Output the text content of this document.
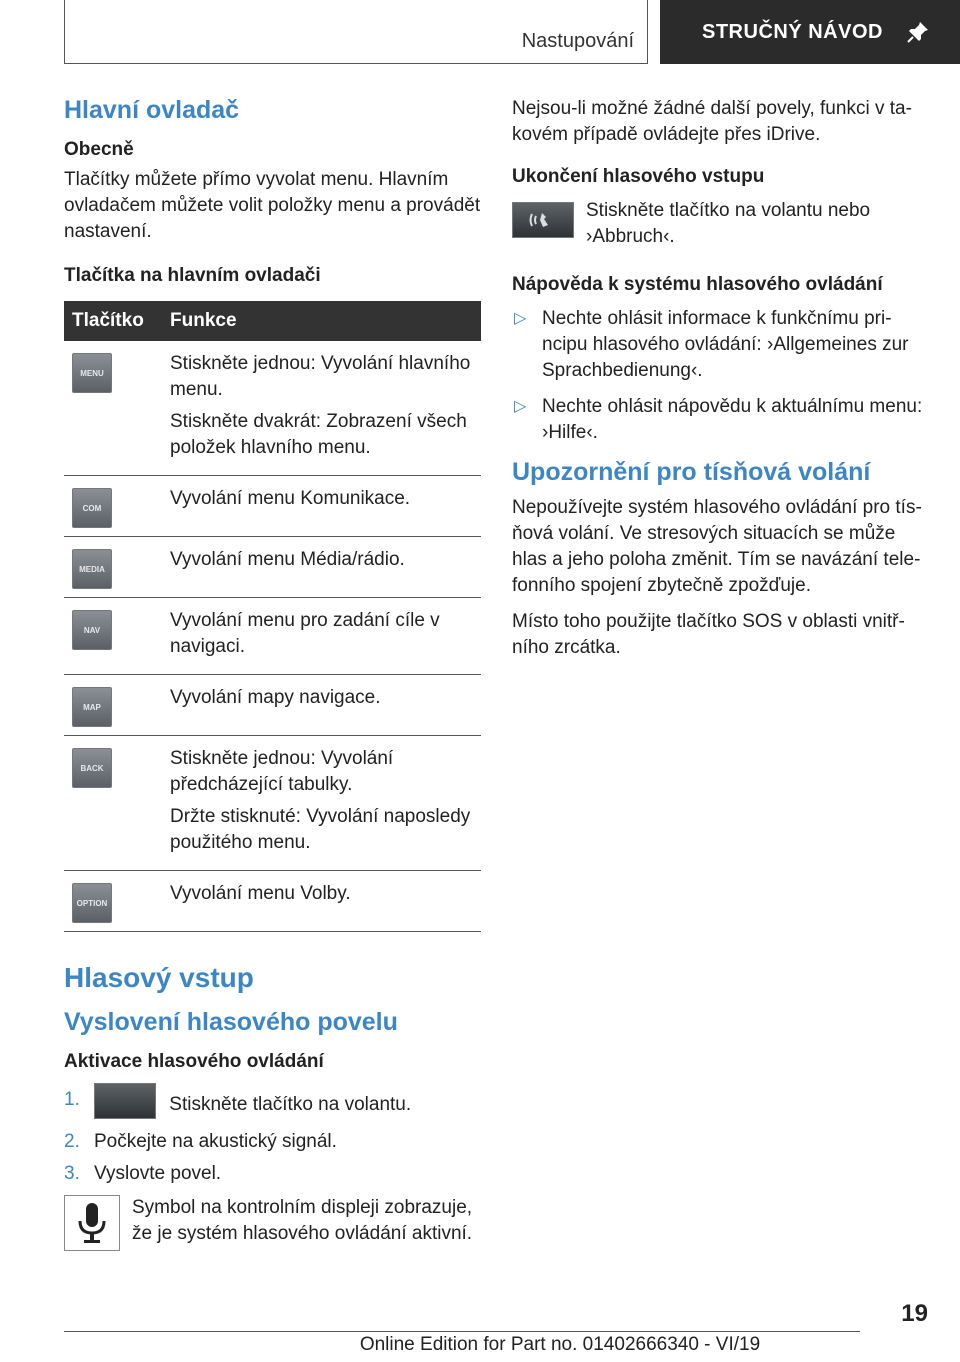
Nastupování	STRUČNÝ NÁVOD
Hlavní ovladač
Obecně

Tlačítky můžete přímo vyvolat menu. Hlavním ovladačem můžete volit položky menu a provádět nastavení.

Tlačítka na hlavním ovladači
Tlačítko	Funkce

MENU	Stiskněte jednou: Vyvolání hlavního menu.

Stiskněte dvakrát: Zobrazení všech položek hlavního menu.

COM	Vyvolání menu Komunikace.

MEDIA	Vyvolání menu Média/rádio.

NAV	Vyvolání menu pro zadání cíle v navigaci.

MAP	Vyvolání mapy navigace.

BACK	Stiskněte jednou: Vyvolání předcházející tabulky.

Držte stisknuté: Vyvolání naposledy použitého menu.

OPTION	Vyvolání menu Volby.

Hlasový vstup
Vyslovení hlasového povelu
Aktivace hlasového ovládání
1.	Stiskněte tlačítko na volantu.
2. Počkejte na akustický signál.
3. Vyslovte povel.
Symbol na kontrolním displeji zobrazuje, že je systém hlasového ovládání aktivní.

Nejsou-li možné žádné další povely, funkci v takovém případě ovládejte přes iDrive.

Ukončení hlasového vstupu
Stiskněte tlačítko na volantu nebo ›Abbruch‹.
Nápověda k systému hlasového ovládání
▷ Nechte ohlásit informace k funkčnímu principu hlasového ovládání: ›Allgemeines zur Sprachbedienung‹.
▷ Nechte ohlásit nápovědu k aktuálnímu menu: ›Hilfe‹.
Upozornění pro tísňová volání

Nepoužívejte systém hlasového ovládání pro tísňová volání. Ve stresových situacích se může hlas a jeho poloha změnit. Tím se navázání telefonního spojení zbytečně zpožďuje.

Místo toho použijte tlačítko SOS v oblasti vnitřního zrcátka.

19
Online Edition for Part no. 01402666340 - VI/19
